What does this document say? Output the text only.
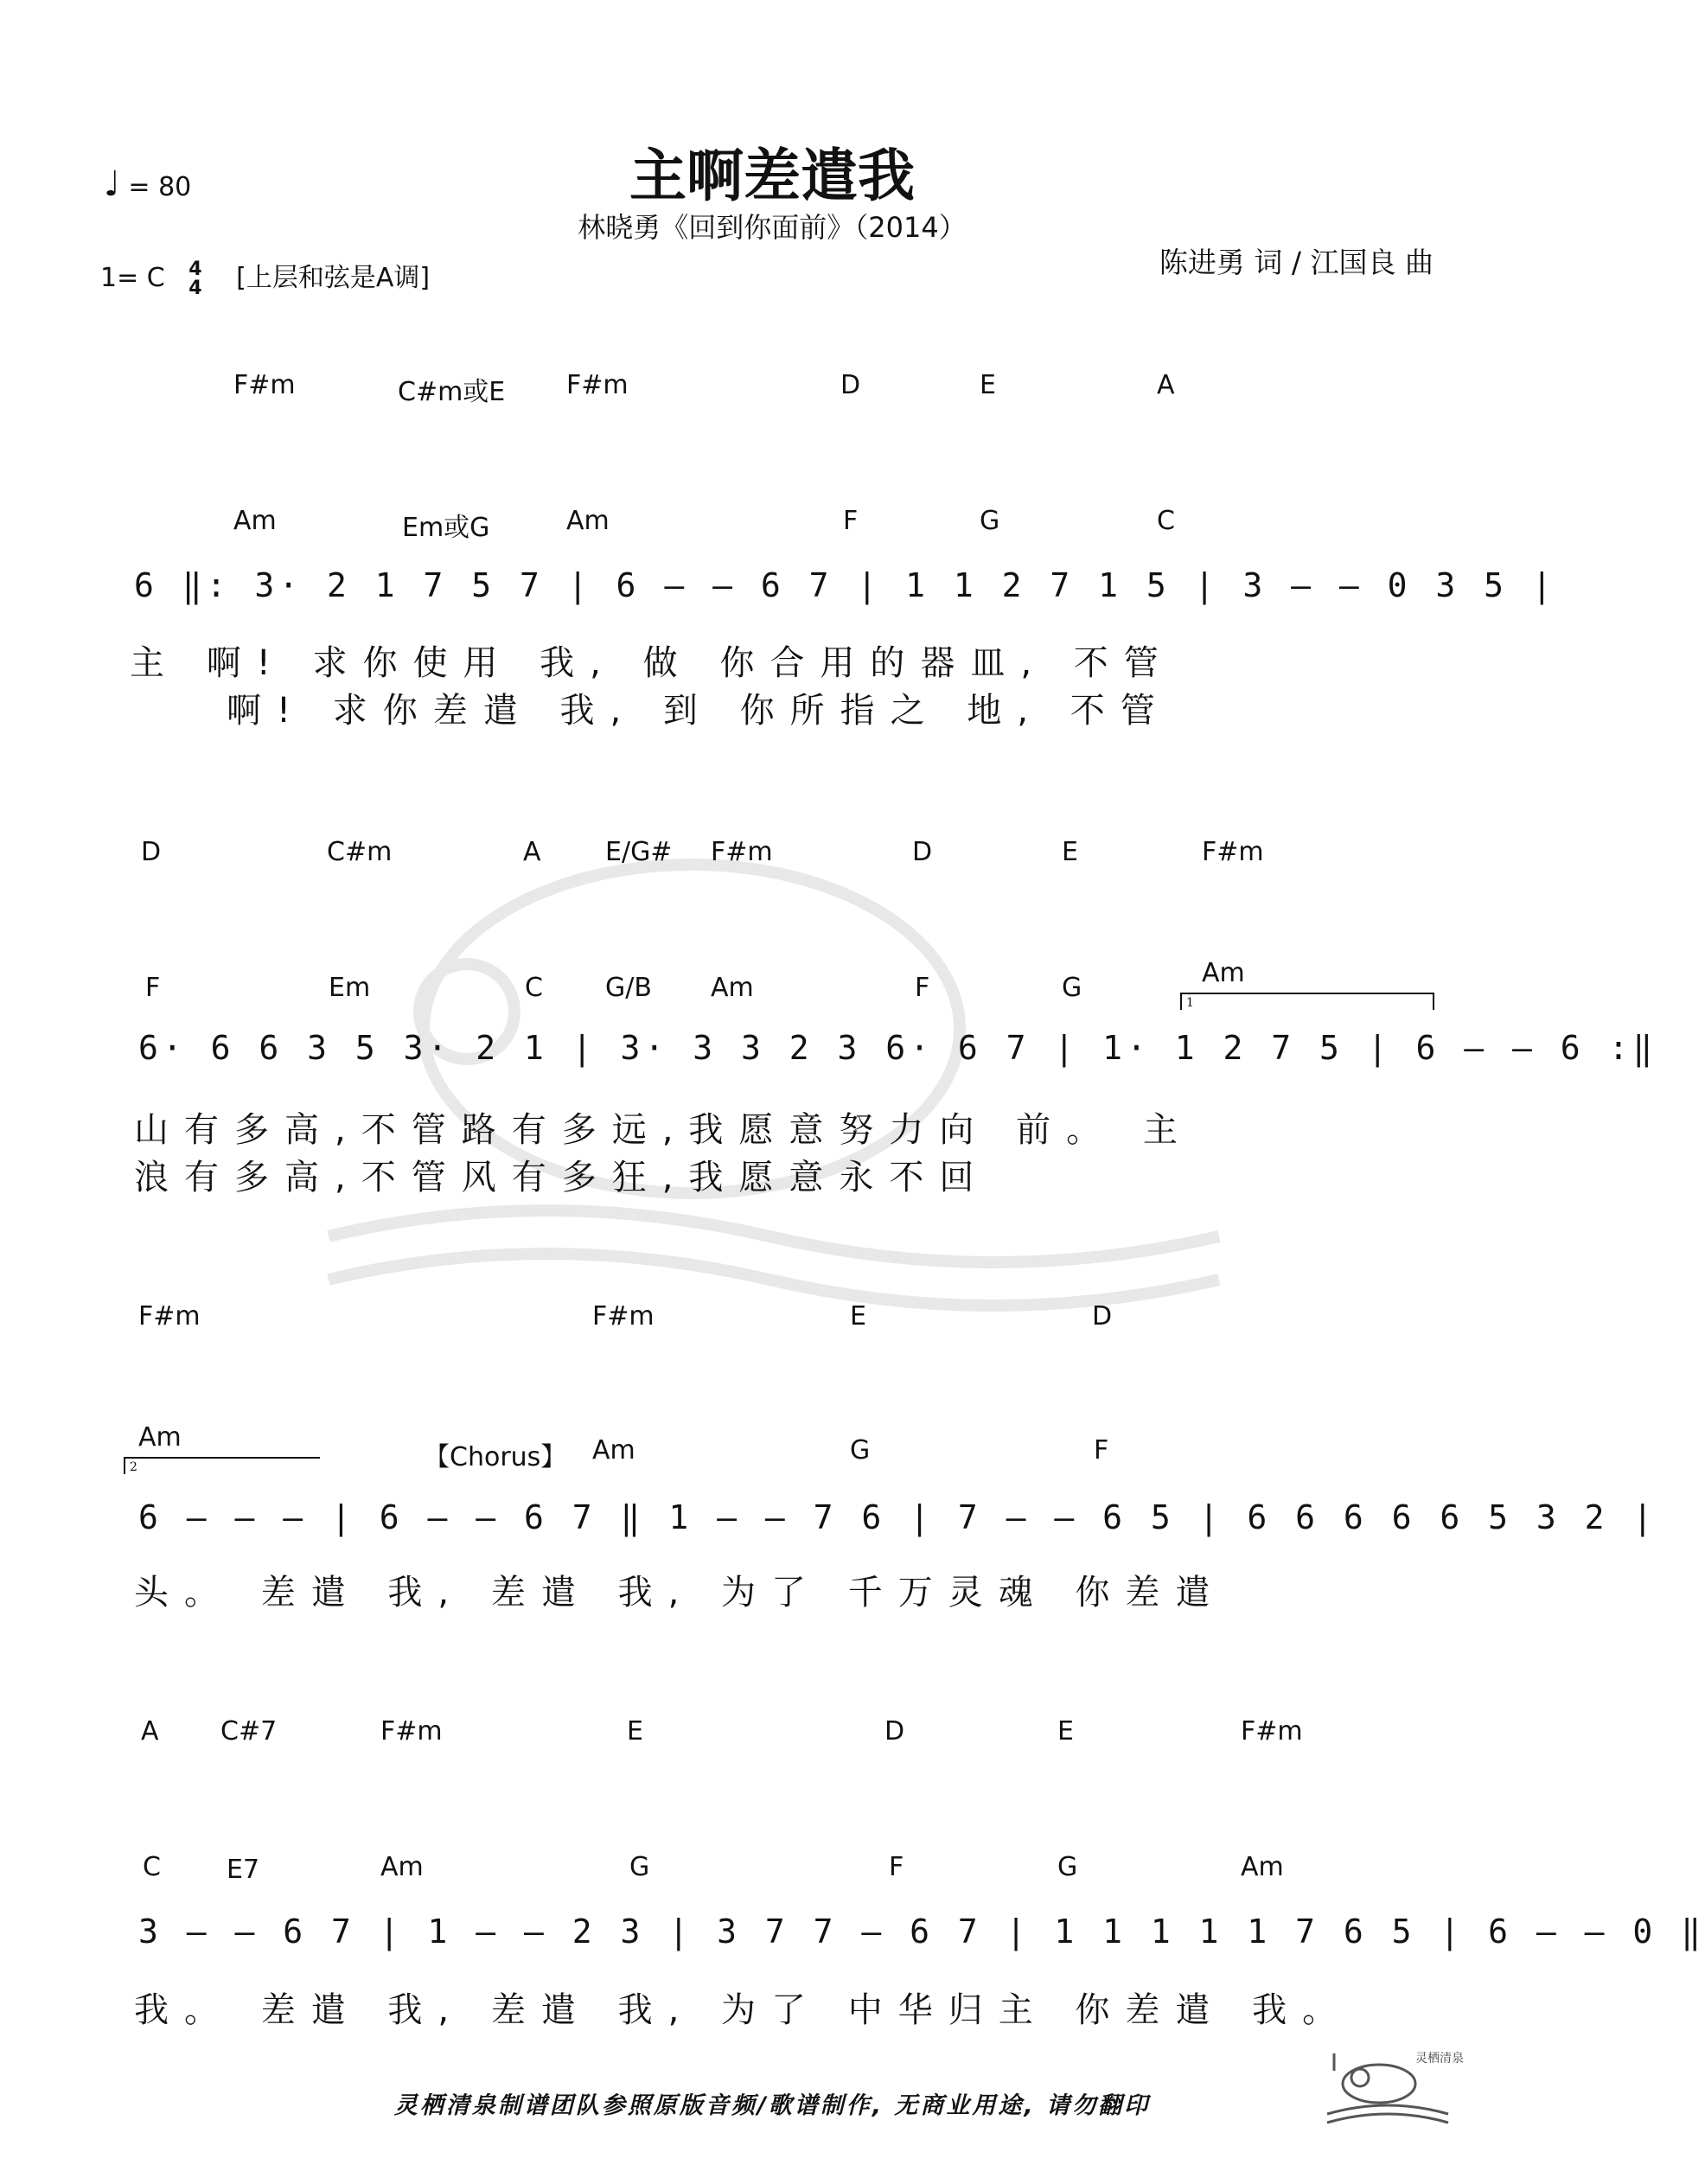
主啊差遣我
林晓勇《回到你面前》（2014）
陈进勇 词 / 江国良 曲
♩ = 80
1= C 4
4 [上层和弦是A调]
F#m	C#m或E F#m	D	E	A
Am	Em或G	Am	F	G	C
6 ‖: 3· 2 1 7 5 7 | 6 — — 6 7 | 1 1 2 7 1 5 | 3 — — 0 3 5 |
主 啊! 求你使用 我, 做 你合用的器皿, 不管
啊! 求你差遣 我, 到 你所指之 地, 不管
D	C#m	A E/G# F#m	D	E	F#m
F	Em	C G/B Am	F	G	Am
1
6· 6 6 3 5 3· 2 1 | 3· 3 3 2 3 6· 6 7 | 1· 1 2 7 5 | 6 — — 6 :‖
山有多高,不管路有多远,我愿意努力向 前。 主
浪有多高,不管风有多狂,我愿意永不回
F#m	F#m	E	D
Am
【Chorus】 Am	G	F
2
6 — — — | 6 — — 6 7 ‖ 1 — — 7 6 | 7 — — 6 5 | 6 6 6 6 6 5 3 2 |
头。 差遣 我, 差遣 我, 为了 千万灵魂 你差遣
A C#7	F#m	E	D	E	F#m
C	E7	Am	G	F	G	Am
3 — — 6 7 | 1 — — 2 3 | 3 7 7 — 6 7 | 1 1 1 1 1 7 6 5 | 6 — — 0 ‖
我。 差遣 我, 差遣 我, 为了 中华归主 你差遣 我。
灵栖清泉制谱团队参照原版音频/歌谱制作, 无商业用途, 请勿翻印
灵栖清泉
